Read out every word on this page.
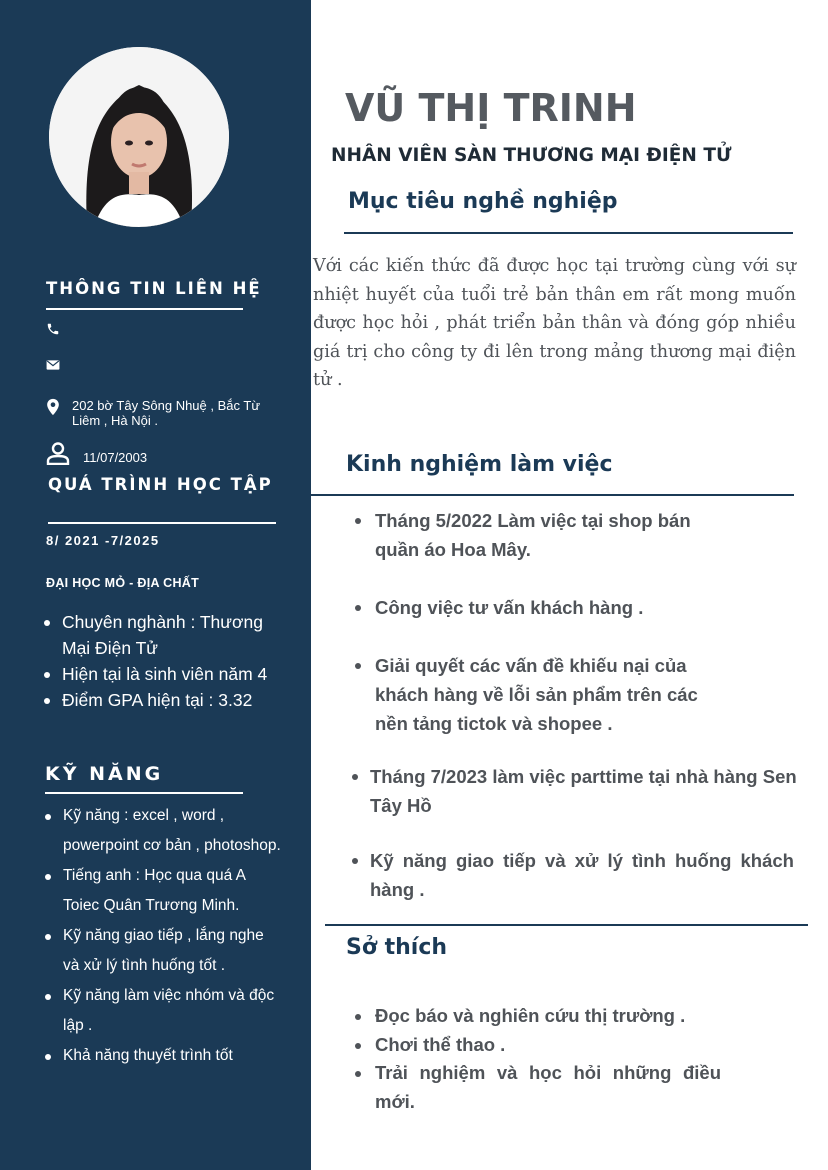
THÔNG TIN LIÊN HỆ
202 bờ Tây Sông Nhuệ , Bắc Từ Liêm , Hà Nội .
11/07/2003
QUÁ TRÌNH HỌC TẬP
8/ 2021 -7/2025
ĐẠI HỌC MỎ - ĐỊA CHẤT
Chuyên nghành : Thương Mại Điện Tử
Hiện tại là sinh viên năm 4
Điểm GPA hiện tại : 3.32
KỸ NĂNG
Kỹ năng : excel , word , powerpoint cơ bản , photoshop.
Tiếng anh : Học qua quá A Toiec Quân Trương Minh.
Kỹ năng giao tiếp , lắng nghe và xử lý tình huống tốt .
Kỹ năng làm việc nhóm và độc lập .
Khả năng thuyết trình tốt
VŨ THỊ TRINH
NHÂN VIÊN SÀN THƯƠNG MẠI ĐIỆN TỬ
Mục tiêu nghề nghiệp

Với các kiến thức đã được học tại trường cùng với sự nhiệt huyết của tuổi trẻ bản thân em rất mong muốn được học hỏi , phát triển bản thân và đóng góp nhiều giá trị cho công ty đi lên trong mảng thương mại điện tử .

Kinh nghiệm làm việc
Tháng 5/2022 Làm việc tại shop bán quần áo Hoa Mây.
Công việc tư vấn khách hàng .
Giải quyết các vấn đề khiếu nại của khách hàng về lỗi sản phẩm trên các nền tảng tictok và shopee .
Tháng 7/2023 làm việc parttime tại nhà hàng Sen Tây Hồ
Kỹ năng giao tiếp và xử lý tình huống khách hàng .
Sở thích
Đọc báo và nghiên cứu thị trường .
Chơi thể thao .
Trải nghiệm và học hỏi những điều mới.
